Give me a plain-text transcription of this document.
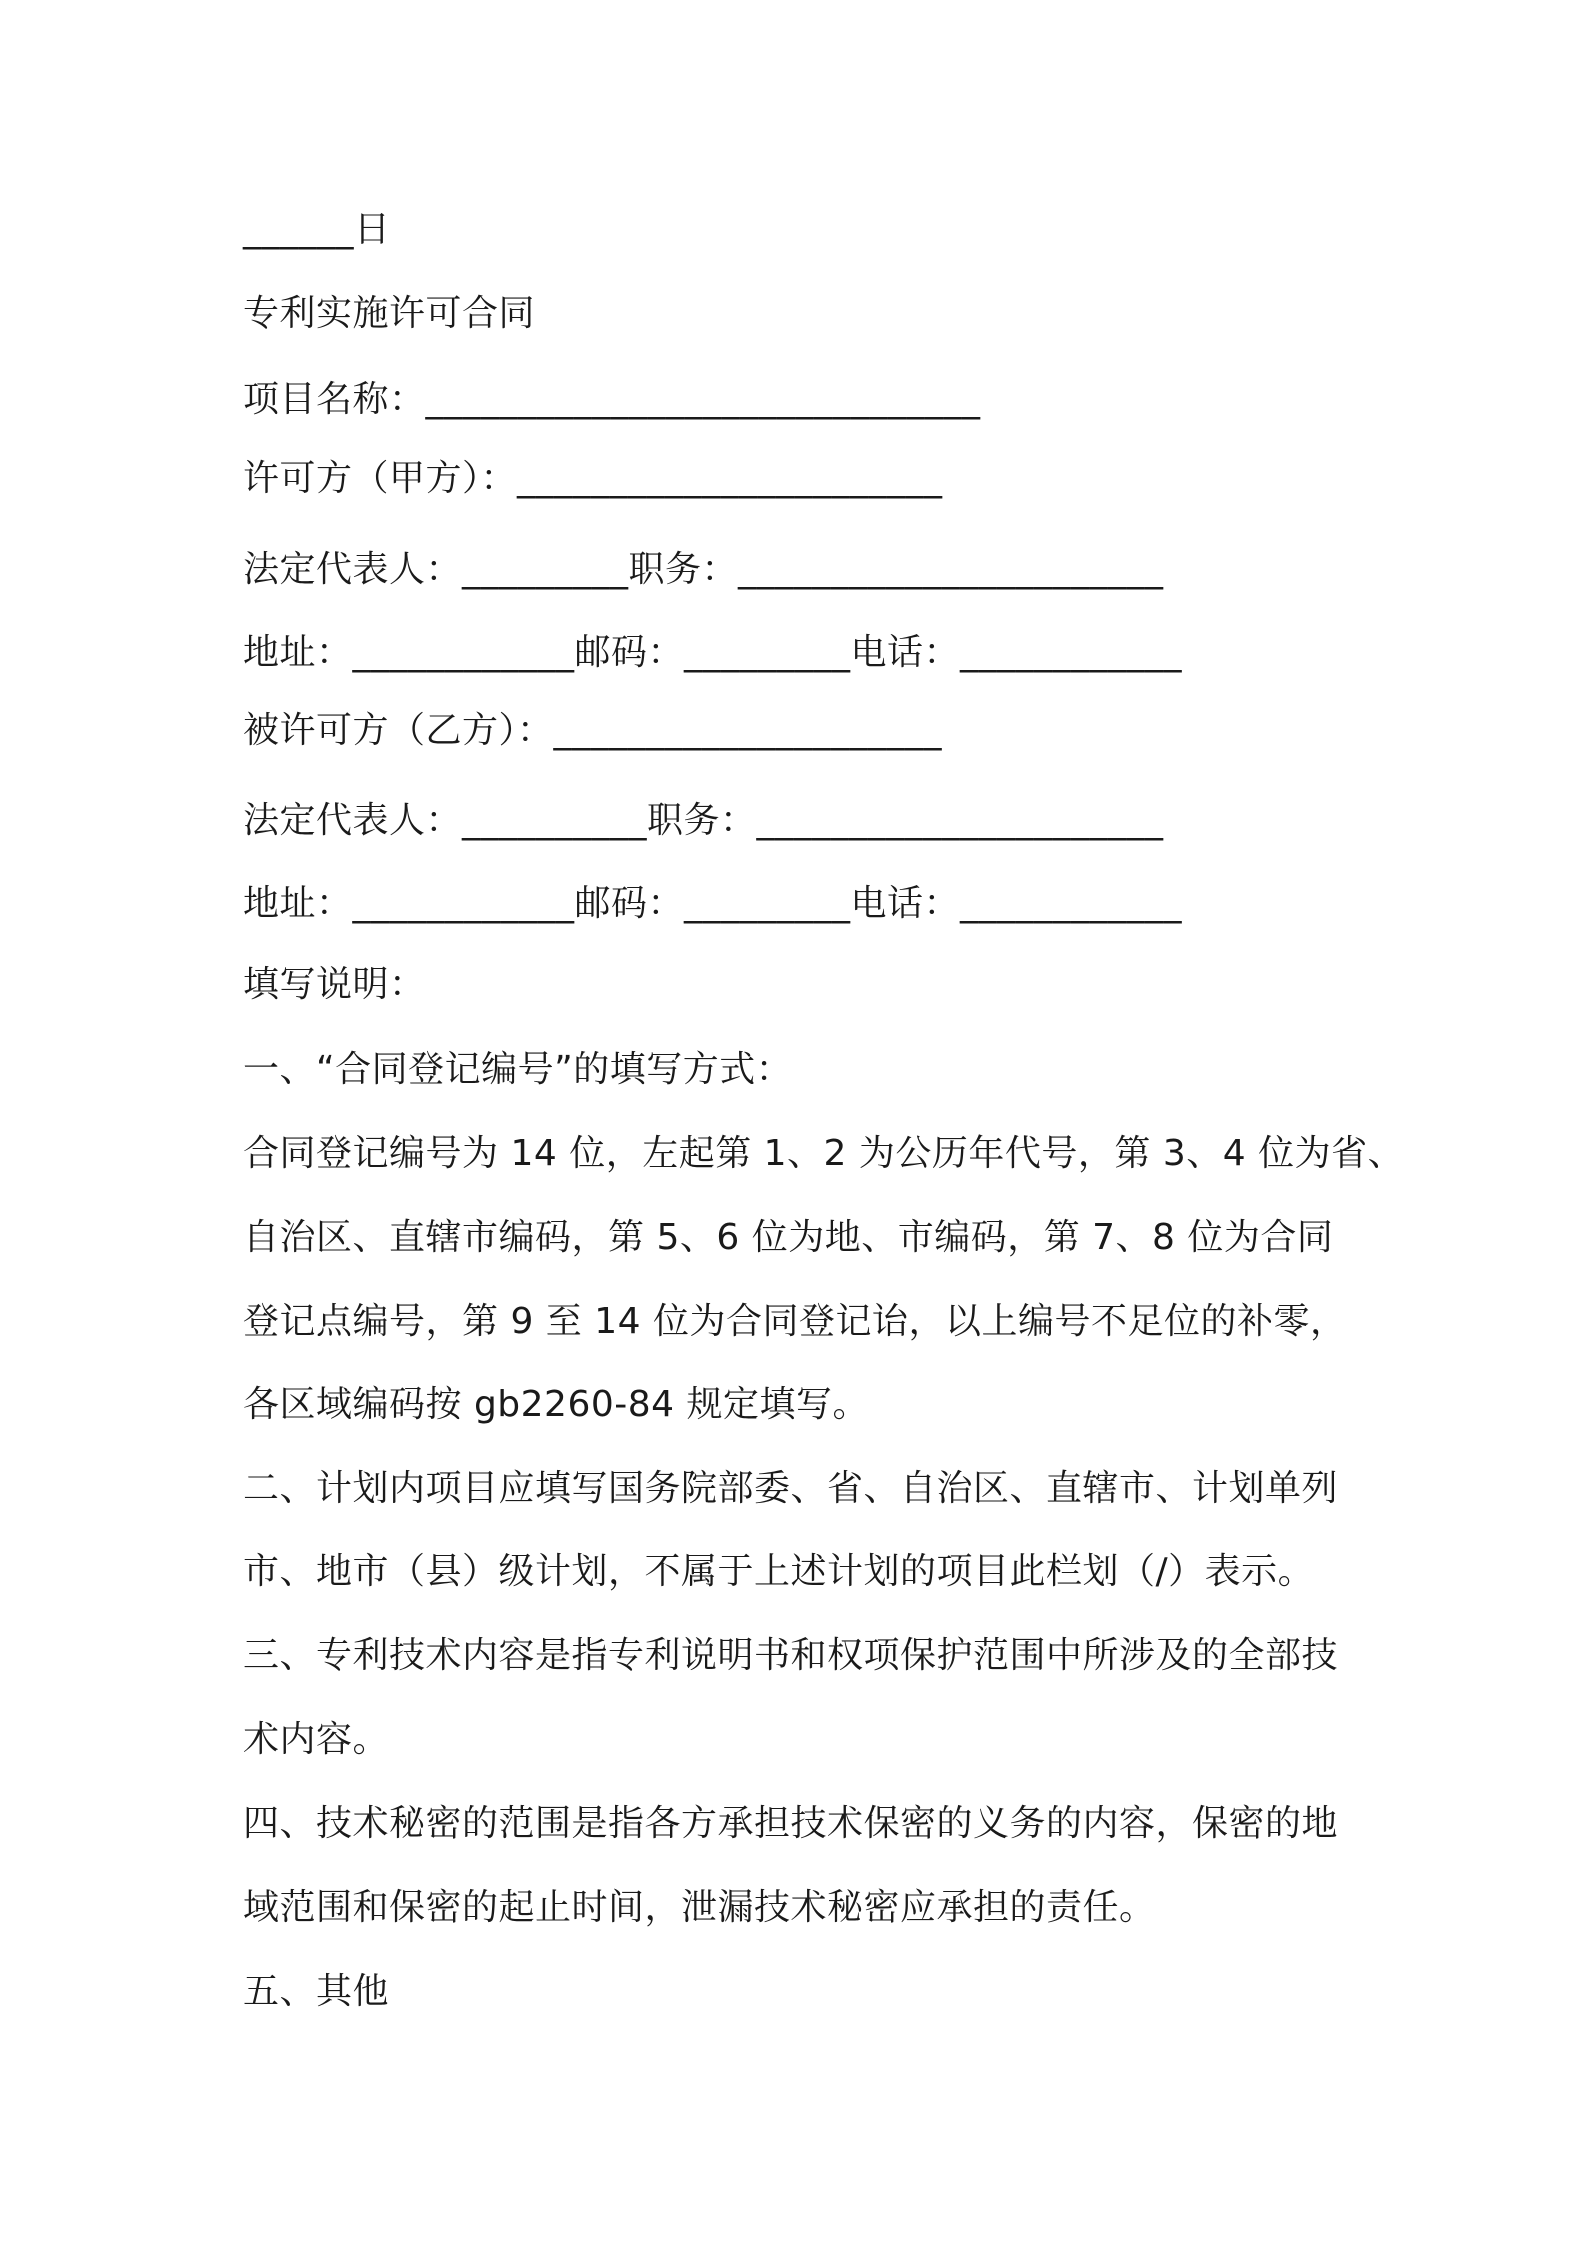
______日
专利实施许可合同
项目名称：______________________________
许可方（甲方）：_______________________
法定代表人：_________职务：_______________________
地址：____________邮码：_________电话：____________
被许可方（乙方）：_____________________
法定代表人：__________职务：______________________
地址：____________邮码：_________电话：____________
填写说明：
一、“合同登记编号”的填写方式：
合同登记编号为 14 位，左起第 1、2 为公历年代号，第 3、4 位为省、
自治区、直辖市编码，第 5、6 位为地、市编码，第 7、8 位为合同
登记点编号，第 9 至 14 位为合同登记诒，以上编号不足位的补零，
各区域编码按 gb2260-84 规定填写。
二、计划内项目应填写国务院部委、省、自治区、直辖市、计划单列
市、地市（县）级计划，不属于上述计划的项目此栏划（/）表示。
三、专利技术内容是指专利说明书和权项保护范围中所涉及的全部技
术内容。
四、技术秘密的范围是指各方承担技术保密的义务的内容，保密的地
域范围和保密的起止时间，泄漏技术秘密应承担的责任。
五、其他
